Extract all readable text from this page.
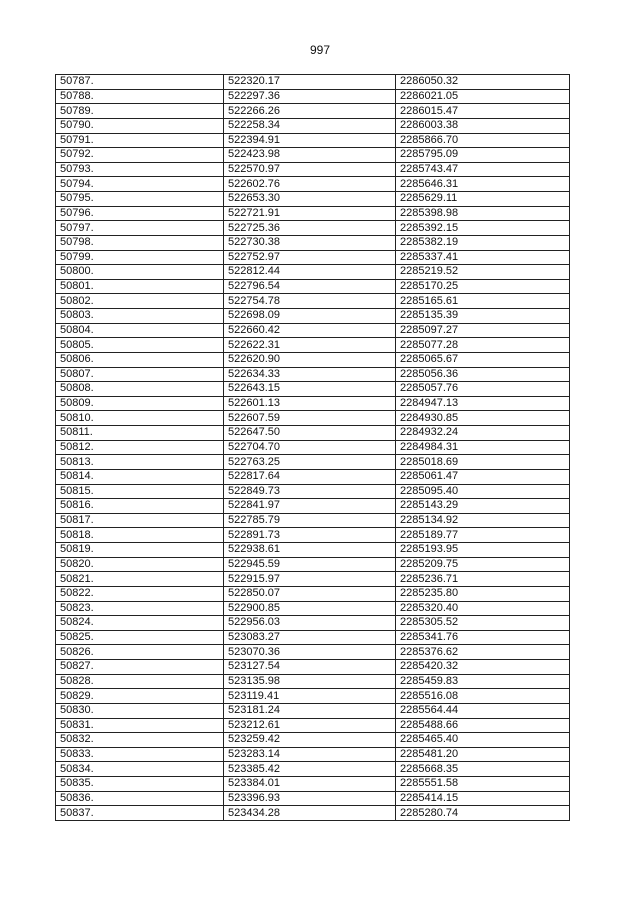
997
50787.	522320.17	2286050.32
50788.	522297.36	2286021.05
50789.	522266.26	2286015.47
50790.	522258.34	2286003.38
50791.	522394.91	2285866.70
50792.	522423.98	2285795.09
50793.	522570.97	2285743.47
50794.	522602.76	2285646.31
50795.	522653.30	2285629.11
50796.	522721.91	2285398.98
50797.	522725.36	2285392.15
50798.	522730.38	2285382.19
50799.	522752.97	2285337.41
50800.	522812.44	2285219.52
50801.	522796.54	2285170.25
50802.	522754.78	2285165.61
50803.	522698.09	2285135.39
50804.	522660.42	2285097.27
50805.	522622.31	2285077.28
50806.	522620.90	2285065.67
50807.	522634.33	2285056.36
50808.	522643.15	2285057.76
50809.	522601.13	2284947.13
50810.	522607.59	2284930.85
50811.	522647.50	2284932.24
50812.	522704.70	2284984.31
50813.	522763.25	2285018.69
50814.	522817.64	2285061.47
50815.	522849.73	2285095.40
50816.	522841.97	2285143.29
50817.	522785.79	2285134.92
50818.	522891.73	2285189.77
50819.	522938.61	2285193.95
50820.	522945.59	2285209.75
50821.	522915.97	2285236.71
50822.	522850.07	2285235.80
50823.	522900.85	2285320.40
50824.	522956.03	2285305.52
50825.	523083.27	2285341.76
50826.	523070.36	2285376.62
50827.	523127.54	2285420.32
50828.	523135.98	2285459.83
50829.	523119.41	2285516.08
50830.	523181.24	2285564.44
50831.	523212.61	2285488.66
50832.	523259.42	2285465.40
50833.	523283.14	2285481.20
50834.	523385.42	2285668.35
50835.	523384.01	2285551.58
50836.	523396.93	2285414.15
50837.	523434.28	2285280.74
